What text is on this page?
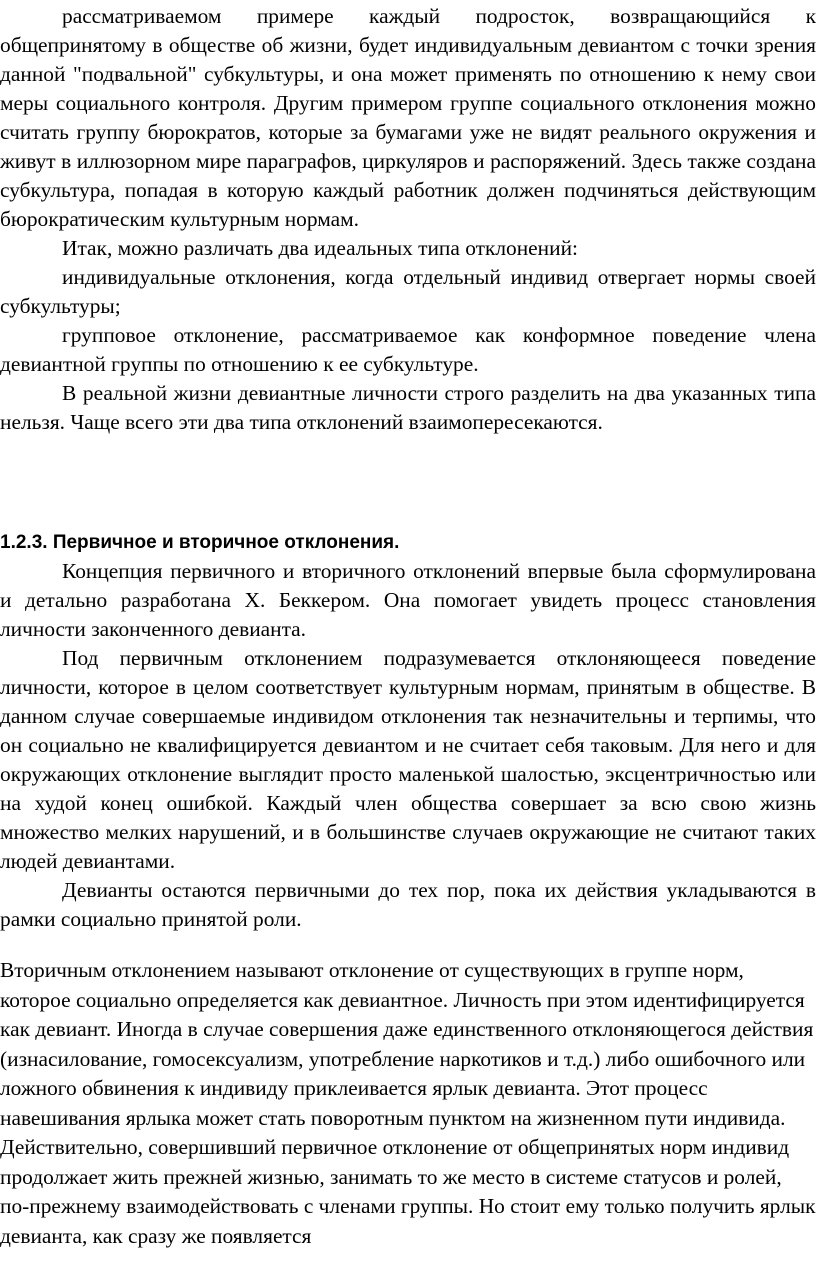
рассматриваемом примере каждый подросток, возвращающийся к общепринятому в обществе об жизни, будет индивидуальным девиантом с точки зрения данной "подвальной" субкультуры, и она может применять по отношению к нему свои меры социального контроля. Другим примером группе социального отклонения можно считать группу бюрократов, которые за бумагами уже не видят реального окружения и живут в иллюзорном мире параграфов, циркуляров и распоряжений. Здесь также создана субкультура, попадая в которую каждый работник должен подчиняться действующим бюрократическим культурным нормам.

Итак, можно различать два идеальных типа отклонений:

индивидуальные отклонения, когда отдельный индивид отвергает нормы своей субкультуры;

групповое отклонение, рассматриваемое как конформное поведение члена девиантной группы по отношению к ее субкультуре.

В реальной жизни девиантные личности строго разделить на два указанных типа нельзя. Чаще всего эти два типа отклонений взаимопересекаются.

1.2.3. Первичное и вторичное отклонения.

Концепция первичного и вторичного отклонений впервые была сформулирована и детально разработана Х. Беккером. Она помогает увидеть процесс становления личности законченного девианта.

Под первичным отклонением подразумевается отклоняющееся поведение личности, которое в целом соответствует культурным нормам, принятым в обществе. В данном случае совершаемые индивидом отклонения так незначительны и терпимы, что он социально не квалифицируется девиантом и не считает себя таковым. Для него и для окружающих отклонение выглядит просто маленькой шалостью, эксцентричностью или на худой конец ошибкой. Каждый член общества совершает за всю свою жизнь множество мелких нарушений, и в большинстве случаев окружающие не считают таких людей девиантами.

Девианты остаются первичными до тех пор, пока их действия укладываются в рамки социально принятой роли.

Вторичным отклонением называют отклонение от существующих в группе норм, которое социально определяется как девиантное. Личность при этом идентифицируется как девиант. Иногда в случае совершения даже единственного отклоняющегося действия (изнасилование, гомосексуализм, употребление наркотиков и т.д.) либо ошибочного или ложного обвинения к индивиду приклеивается ярлык девианта. Этот процесс навешивания ярлыка может стать поворотным пунктом на жизненном пути индивида.

Действительно, совершивший первичное отклонение от общепринятых норм индивид продолжает жить прежней жизнью, занимать то же место в системе статусов и ролей, по-прежнему взаимодействовать с членами группы. Но стоит ему только получить ярлык девианта, как сразу же появляется
